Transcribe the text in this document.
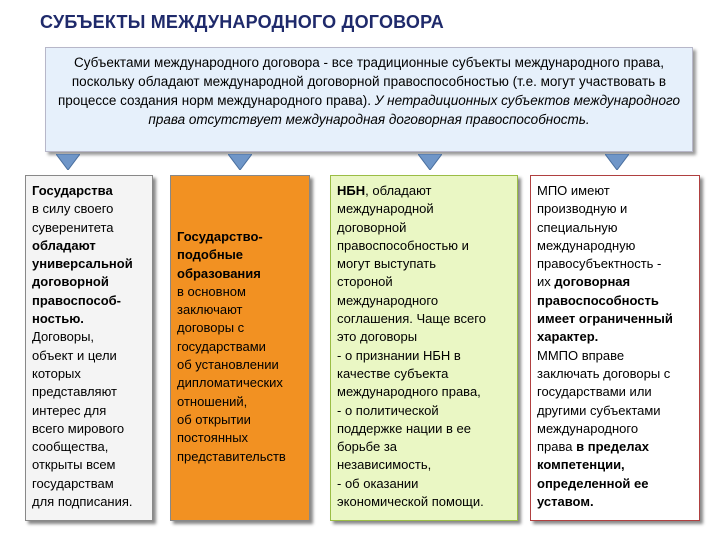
СУБЪЕКТЫ МЕЖДУНАРОДНОГО ДОГОВОРА
Субъектами международного договора - все традиционные субъекты международного права, поскольку обладают международной договорной правоспособностью (т.е. могут участвовать в процессе создания норм международного права). У нетрадиционных субъектов международного права отсутствует международная договорная правоспособность.
Государства
в силу своего
суверенитета
обладают
универсальной
договорной
правоспособ-
ностью.
Договоры,
объект и цели
которых
представляют
интерес для
всего мирового
сообщества,
открыты всем
государствам
для подписания.
Государство-
подобные
образования
в основном
заключают
договоры с
государствами
об установлении
дипломатических
отношений,
об открытии
постоянных
представительств
НБН, обладают
международной
договорной
правоспособностью и
могут выступать
стороной
международного
соглашения. Чаще всего
это договоры
- о признании НБН в
качестве субъекта
международного права,
- о политической
поддержке нации в ее
борьбе за
независимость,
- об оказании
экономической помощи.
МПО имеют
производную и
специальную
международную
правосубъектность -
их договорная
правоспособность
имеет ограниченный
характер.
ММПО вправе
заключать договоры с
государствами или
другими субъектами
международного
права в пределах
компетенции,
определенной ее
уставом.
